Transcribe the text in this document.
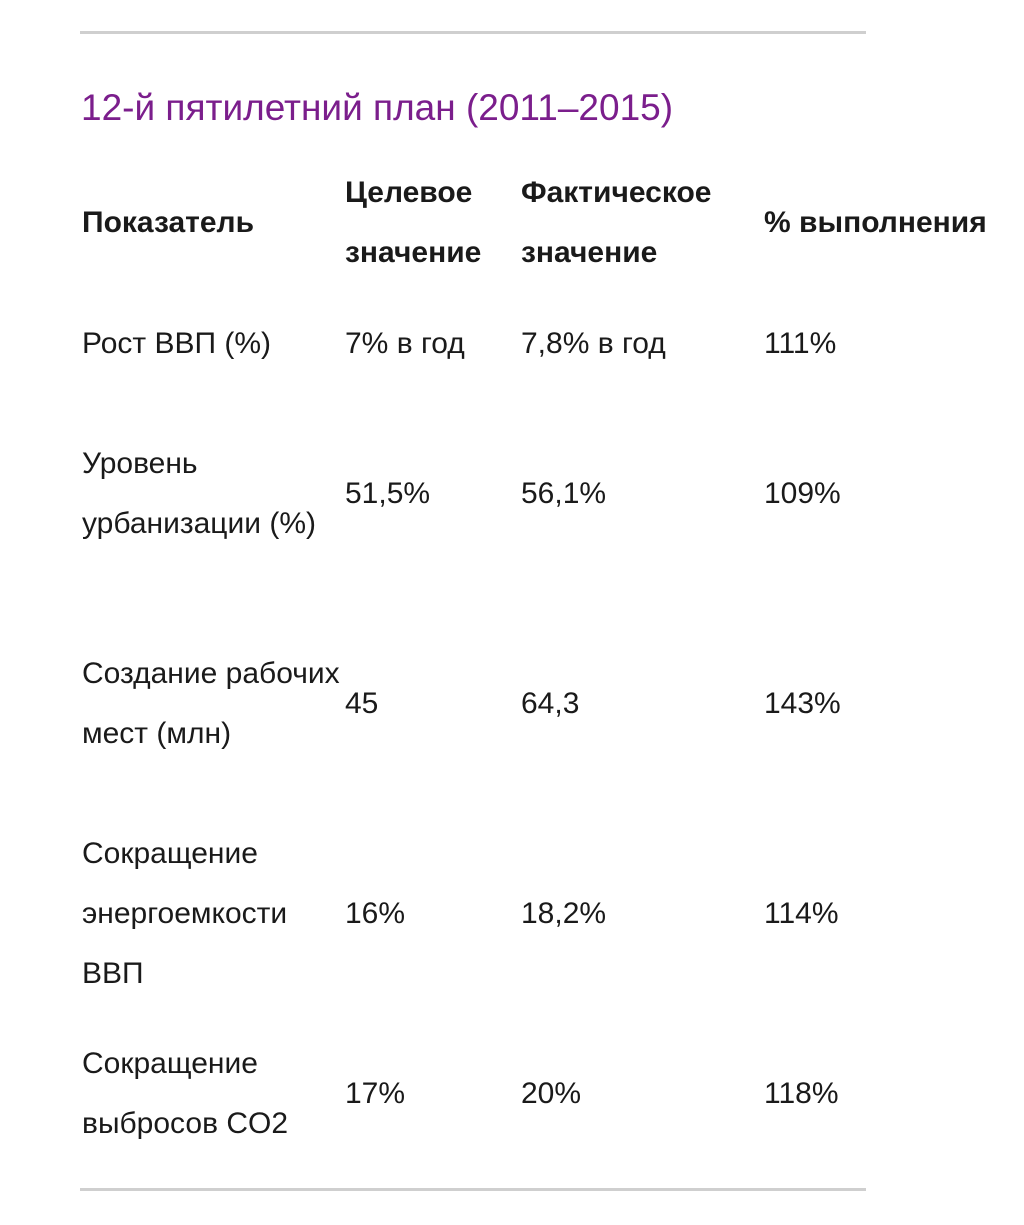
12-й пятилетний план (2011–2015)
Показатель	Целевое значение	Фактическое значение	% выполнения
Рост ВВП (%)	7% в год	7,8% в год	111%
Уровень урбанизации (%)	51,5%	56,1%	109%
Создание рабочих мест (млн)	45	64,3	143%
Сокращение энергоемкости ВВП	16%	18,2%	114%
Сокращение выбросов CO2	17%	20%	118%
